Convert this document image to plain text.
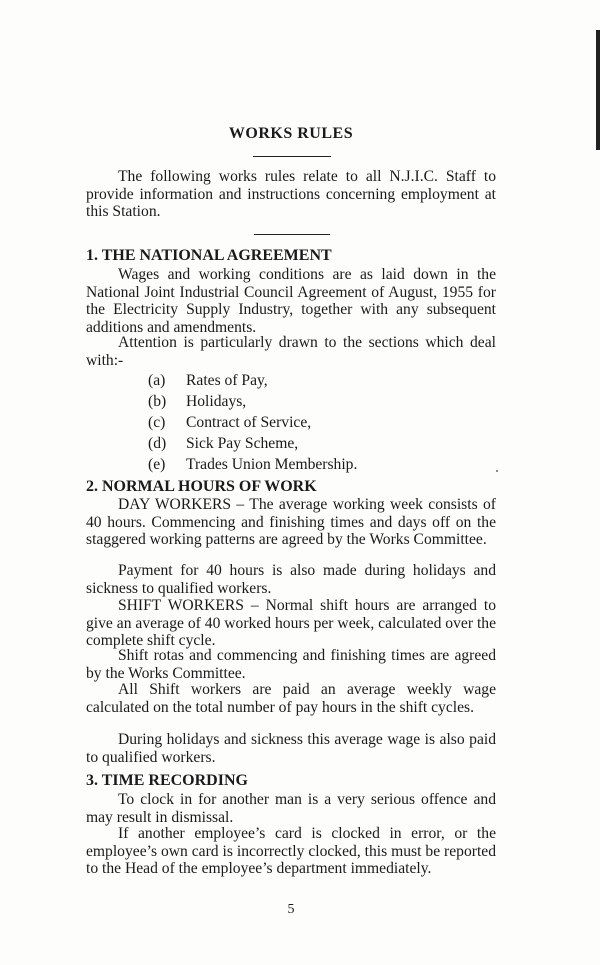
WORKS RULES

The following works rules relate to all N.J.I.C. Staff to provide information and instructions concerning employment at this Station.

1. THE NATIONAL AGREEMENT

Wages and working conditions are as laid down in the National Joint Industrial Council Agreement of August, 1955 for the Electricity Supply Industry, together with any subsequent additions and amendments.

Attention is particularly drawn to the sections which deal with:-

(a) Rates of Pay,
(b) Holidays,
(c) Contract of Service,
(d) Sick Pay Scheme,
(e) Trades Union Membership.
2. NORMAL HOURS OF WORK

DAY WORKERS – The average working week consists of 40 hours. Commencing and finishing times and days off on the staggered working patterns are agreed by the Works Committee.

Payment for 40 hours is also made during holidays and sickness to qualified workers.

SHIFT WORKERS – Normal shift hours are arranged to give an average of 40 worked hours per week, calculated over the complete shift cycle.

Shift rotas and commencing and finishing times are agreed by the Works Committee.

All Shift workers are paid an average weekly wage calculated on the total number of pay hours in the shift cycles.

During holidays and sickness this average wage is also paid to qualified workers.

3. TIME RECORDING

To clock in for another man is a very serious offence and may result in dismissal.

If another employee’s card is clocked in error, or the employee’s own card is incorrectly clocked, this must be reported to the Head of the employee’s department immediately.

5
